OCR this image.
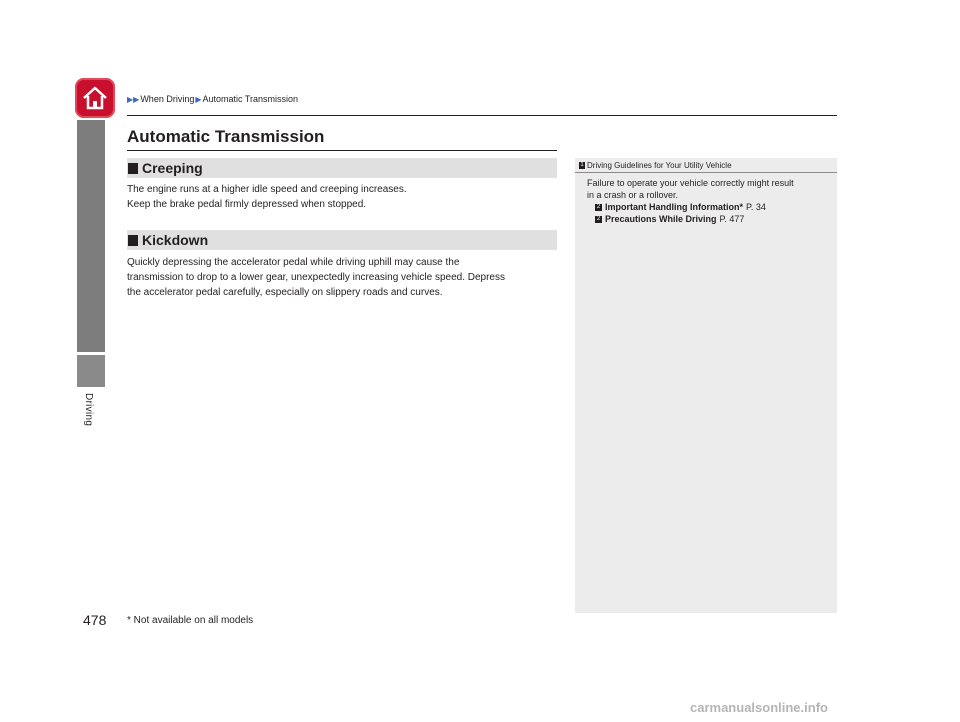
Driving
▶▶ When Driving ▶ Automatic Transmission
Automatic Transmission
Creeping
The engine runs at a higher idle speed and creeping increases.
Keep the brake pedal firmly depressed when stopped.
Kickdown
Quickly depressing the accelerator pedal while driving uphill may cause the
transmission to drop to a lower gear, unexpectedly increasing vehicle speed. Depress
the accelerator pedal carefully, especially on slippery roads and curves.
1 Driving Guidelines for Your Utility Vehicle
Failure to operate your vehicle correctly might result
in a crash or a rollover.
2 Important Handling Information* P. 34
2 Precautions While Driving P. 477
478 * Not available on all models
carmanualsonline.info
